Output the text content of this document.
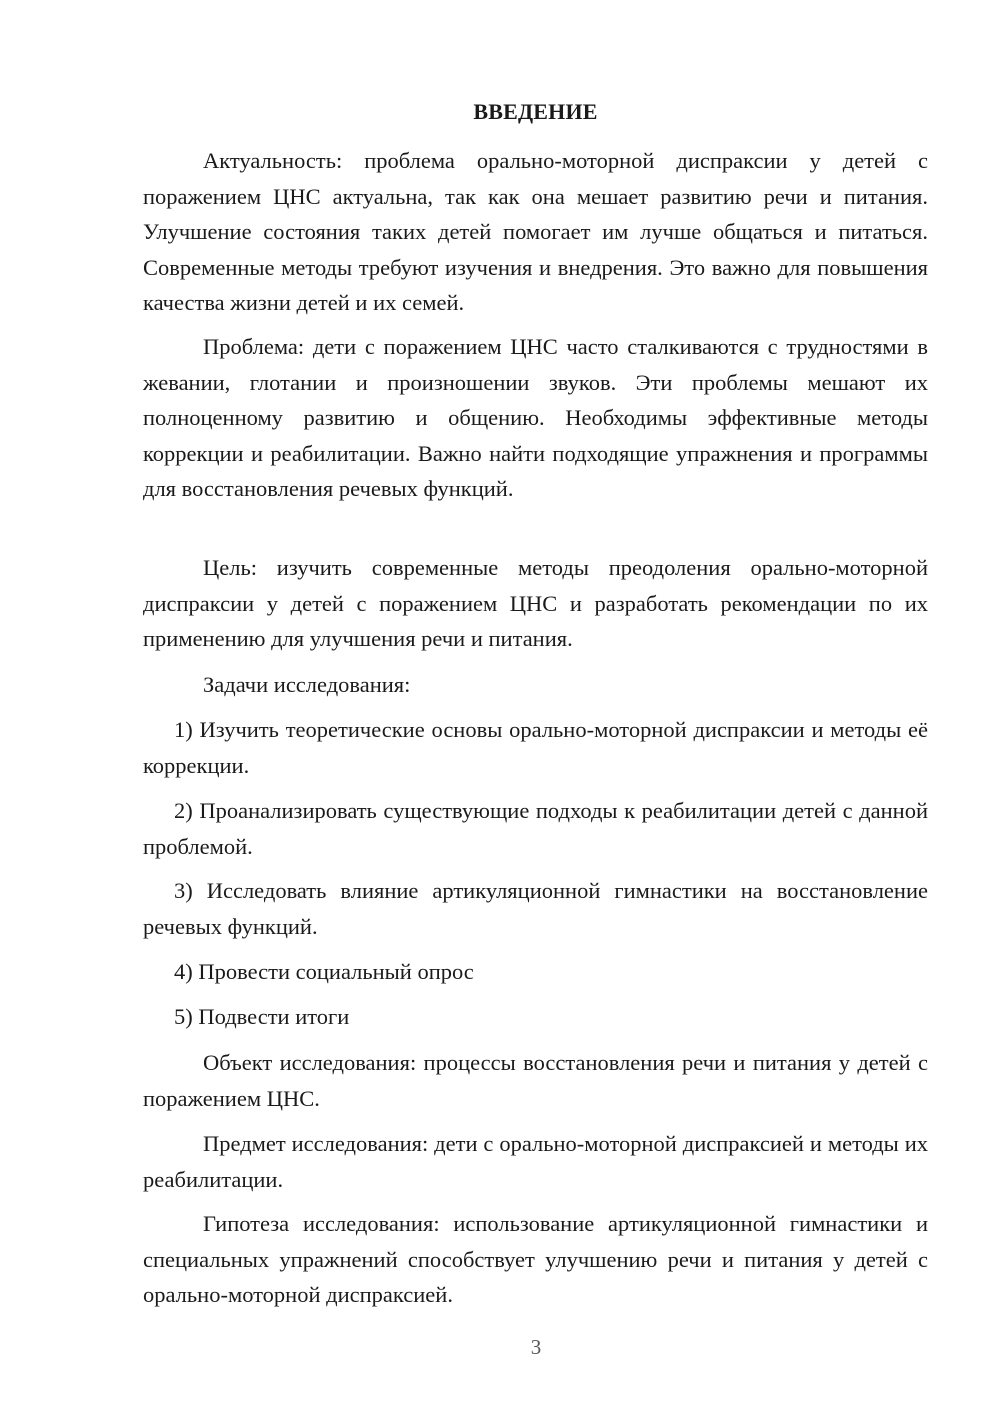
ВВЕДЕНИЕ

Актуальность: проблема орально-моторной диспраксии у детей с поражением ЦНС актуальна, так как она мешает развитию речи и питания. Улучшение состояния таких детей помогает им лучше общаться и питаться. Современные методы требуют изучения и внедрения. Это важно для повышения качества жизни детей и их семей.

Проблема: дети с поражением ЦНС часто сталкиваются с трудностями в жевании, глотании и произношении звуков. Эти проблемы мешают их полноценному развитию и общению. Необходимы эффективные методы коррекции и реабилитации. Важно найти подходящие упражнения и программы для восстановления речевых функций.

Цель: изучить современные методы преодоления орально-моторной диспраксии у детей с поражением ЦНС и разработать рекомендации по их применению для улучшения речи и питания.

Задачи исследования:

1) Изучить теоретические основы орально-моторной диспраксии и методы её коррекции.

2) Проанализировать существующие подходы к реабилитации детей с данной проблемой.

3) Исследовать влияние артикуляционной гимнастики на восстановление речевых функций.

4) Провести социальный опрос

5) Подвести итоги

Объект исследования: процессы восстановления речи и питания у детей с поражением ЦНС.

Предмет исследования: дети с орально-моторной диспраксией и методы их реабилитации.

Гипотеза исследования: использование артикуляционной гимнастики и специальных упражнений способствует улучшению речи и питания у детей с орально-моторной диспраксией.

3
